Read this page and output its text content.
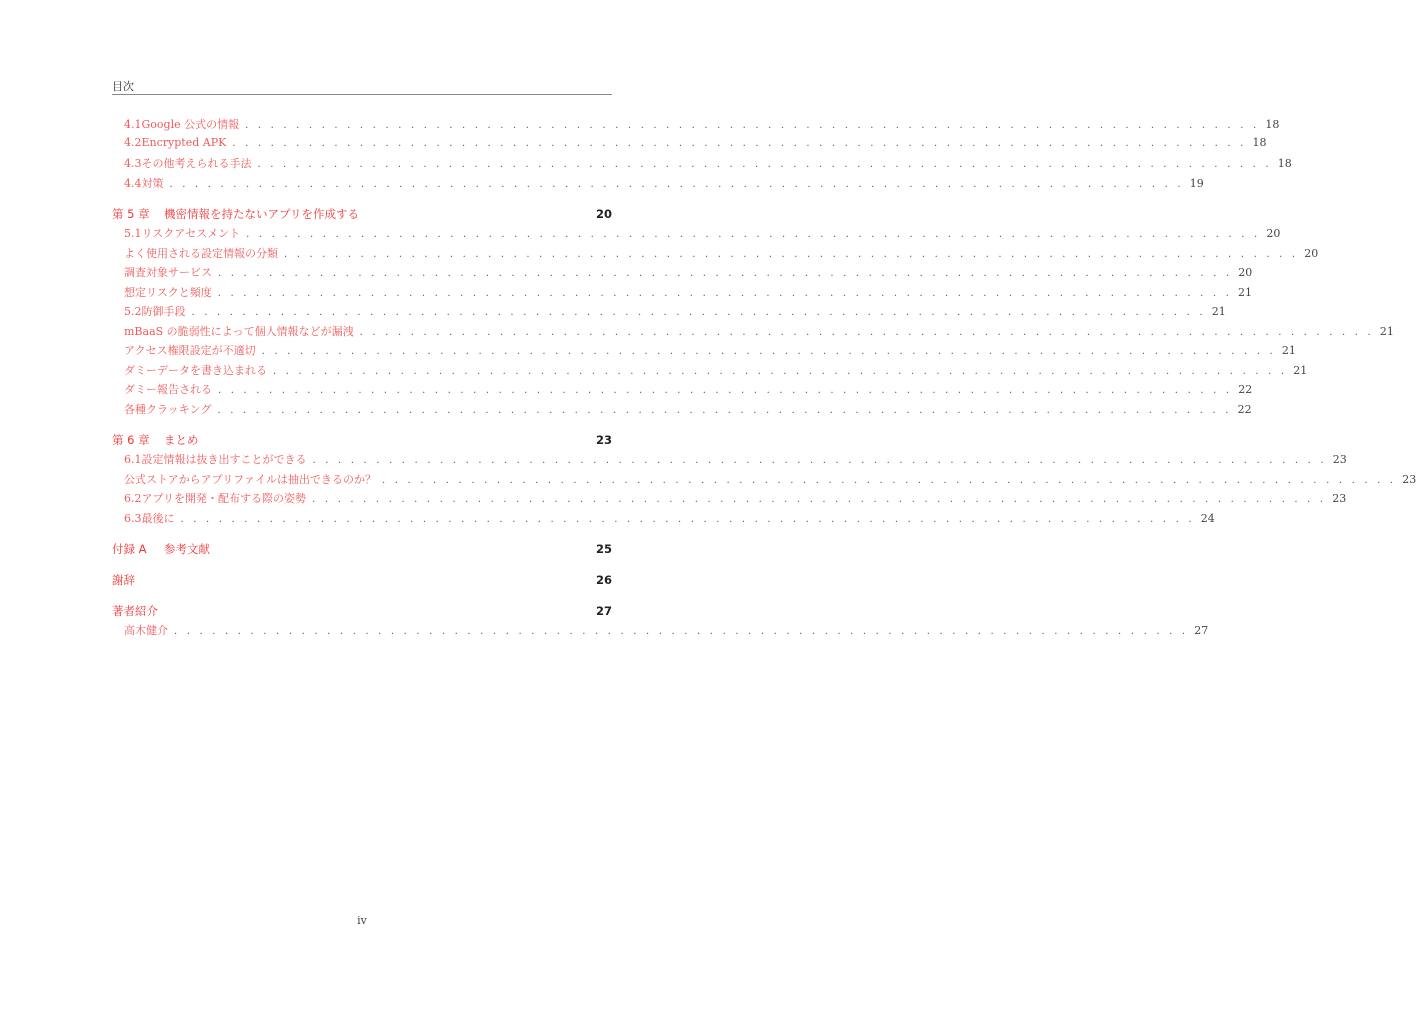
目次
4.1 Google 公式の情報 . . . . . . . . . . . . . . . . . . . . . . . . . . . . . . . . . . . . . . . . . . . . . . . . . . . . . . . . . . . . . . . . . . . . . . . . . . . . . . . . 18
4.2 Encrypted APK . . . . . . . . . . . . . . . . . . . . . . . . . . . . . . . . . . . . . . . . . . . . . . . . . . . . . . . . . . . . . . . . . . . . . . . . . . . . . . . . 18
4.3 その他考えられる手法 . . . . . . . . . . . . . . . . . . . . . . . . . . . . . . . . . . . . . . . . . . . . . . . . . . . . . . . . . . . . . . . . . . . . . . . . . . . . . . . . 18
4.4 対策 . . . . . . . . . . . . . . . . . . . . . . . . . . . . . . . . . . . . . . . . . . . . . . . . . . . . . . . . . . . . . . . . . . . . . . . . . . . . . . . . 19
第 5 章	機密情報を持たないアプリを作成する	20
5.1 リスクアセスメント . . . . . . . . . . . . . . . . . . . . . . . . . . . . . . . . . . . . . . . . . . . . . . . . . . . . . . . . . . . . . . . . . . . . . . . . . . . . . . . . 20
よく使用される設定情報の分類 . . . . . . . . . . . . . . . . . . . . . . . . . . . . . . . . . . . . . . . . . . . . . . . . . . . . . . . . . . . . . . . . . . . . . . . . . . . . . . . . 20
調査対象サービス . . . . . . . . . . . . . . . . . . . . . . . . . . . . . . . . . . . . . . . . . . . . . . . . . . . . . . . . . . . . . . . . . . . . . . . . . . . . . . . . 20
想定リスクと頻度 . . . . . . . . . . . . . . . . . . . . . . . . . . . . . . . . . . . . . . . . . . . . . . . . . . . . . . . . . . . . . . . . . . . . . . . . . . . . . . . . 21
5.2 防御手段 . . . . . . . . . . . . . . . . . . . . . . . . . . . . . . . . . . . . . . . . . . . . . . . . . . . . . . . . . . . . . . . . . . . . . . . . . . . . . . . . 21
mBaaS の脆弱性によって個人情報などが漏洩 . . . . . . . . . . . . . . . . . . . . . . . . . . . . . . . . . . . . . . . . . . . . . . . . . . . . . . . . . . . . . . . . . . . . . . . . . . . . . . . . 21
アクセス権限設定が不適切 . . . . . . . . . . . . . . . . . . . . . . . . . . . . . . . . . . . . . . . . . . . . . . . . . . . . . . . . . . . . . . . . . . . . . . . . . . . . . . . . 21
ダミーデータを書き込まれる . . . . . . . . . . . . . . . . . . . . . . . . . . . . . . . . . . . . . . . . . . . . . . . . . . . . . . . . . . . . . . . . . . . . . . . . . . . . . . . . 21
ダミー報告される . . . . . . . . . . . . . . . . . . . . . . . . . . . . . . . . . . . . . . . . . . . . . . . . . . . . . . . . . . . . . . . . . . . . . . . . . . . . . . . . 22
各種クラッキング . . . . . . . . . . . . . . . . . . . . . . . . . . . . . . . . . . . . . . . . . . . . . . . . . . . . . . . . . . . . . . . . . . . . . . . . . . . . . . . . 22
第 6 章	まとめ	23
6.1 設定情報は抜き出すことができる . . . . . . . . . . . . . . . . . . . . . . . . . . . . . . . . . . . . . . . . . . . . . . . . . . . . . . . . . . . . . . . . . . . . . . . . . . . . . . . . 23
公式ストアからアプリファイルは抽出できるのか？ . . . . . . . . . . . . . . . . . . . . . . . . . . . . . . . . . . . . . . . . . . . . . . . . . . . . . . . . . . . . . . . . . . . . . . . . . . . . . . . . 23
6.2 アプリを開発・配布する際の姿勢 . . . . . . . . . . . . . . . . . . . . . . . . . . . . . . . . . . . . . . . . . . . . . . . . . . . . . . . . . . . . . . . . . . . . . . . . . . . . . . . . 23
6.3 最後に . . . . . . . . . . . . . . . . . . . . . . . . . . . . . . . . . . . . . . . . . . . . . . . . . . . . . . . . . . . . . . . . . . . . . . . . . . . . . . . . 24
付録 A	参考文献	25
謝辞	26
著者紹介	27
高木健介 . . . . . . . . . . . . . . . . . . . . . . . . . . . . . . . . . . . . . . . . . . . . . . . . . . . . . . . . . . . . . . . . . . . . . . . . . . . . . . . . 27
iv
